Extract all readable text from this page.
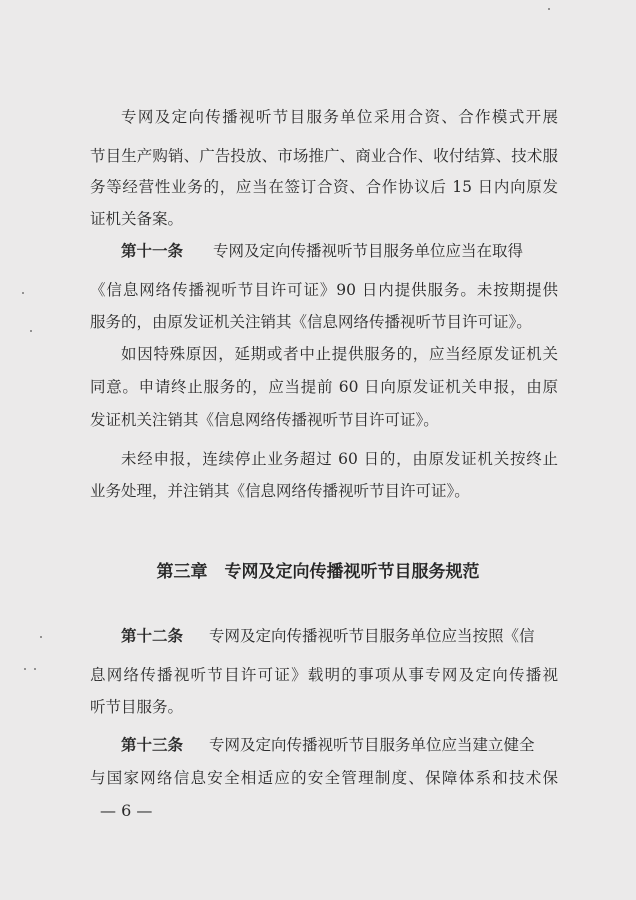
专网及定向传播视听节目服务单位采用合资、合作模式开展
节目生产购销、广告投放、市场推广、商业合作、收付结算、技术服
务等经营性业务的，应当在签订合资、合作协议后 15 日内向原发
证机关备案。
第十一条 专网及定向传播视听节目服务单位应当在取得
《信息网络传播视听节目许可证》90 日内提供服务。未按期提供
服务的，由原发证机关注销其《信息网络传播视听节目许可证》。
如因特殊原因，延期或者中止提供服务的，应当经原发证机关
同意。申请终止服务的，应当提前 60 日向原发证机关申报，由原
发证机关注销其《信息网络传播视听节目许可证》。
未经申报，连续停止业务超过 60 日的，由原发证机关按终止
业务处理，并注销其《信息网络传播视听节目许可证》。
第三章　专网及定向传播视听节目服务规范
第十二条 专网及定向传播视听节目服务单位应当按照《信
息网络传播视听节目许可证》载明的事项从事专网及定向传播视
听节目服务。
第十三条 专网及定向传播视听节目服务单位应当建立健全
与国家网络信息安全相适应的安全管理制度、保障体系和技术保
— 6 —
